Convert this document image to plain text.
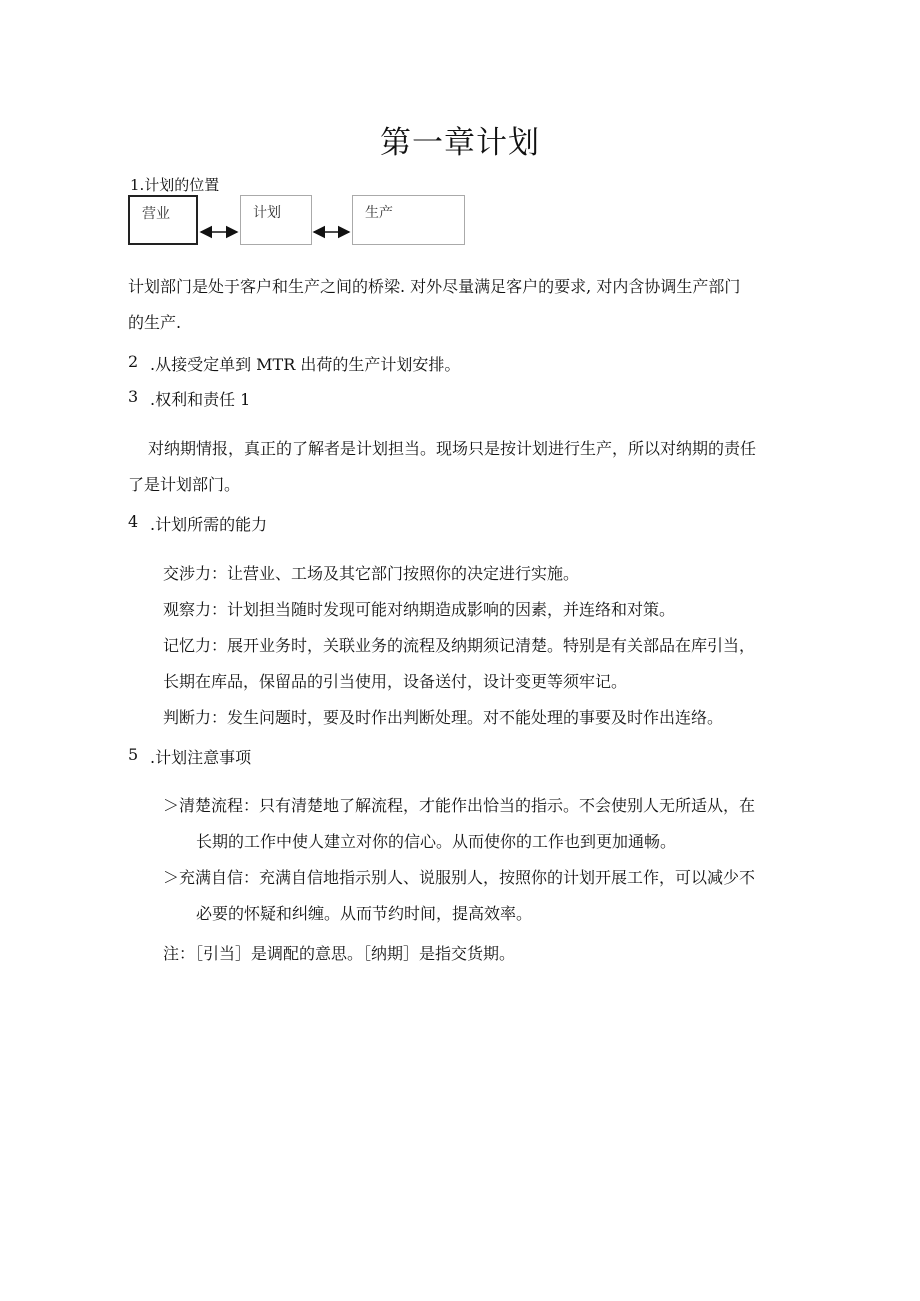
第一章计划
1.计划的位置
营业	计划	生产
计划部门是处于客户和生产之间的桥梁. 对外尽量满足客户的要求, 对内含协调生产部门
的生产.
2 .从接受定单到 MTR 出荷的生产计划安排。
3 .权利和责任 1
对纳期情报，真正的了解者是计划担当。现场只是按计划进行生产，所以对纳期的责任
了是计划部门。
4 .计划所需的能力
交涉力：让营业、工场及其它部门按照你的决定进行实施。
观察力：计划担当随时发现可能对纳期造成影响的因素，并连络和对策。
记忆力：展开业务时，关联业务的流程及纳期须记清楚。特别是有关部品在库引当，
长期在库品，保留品的引当使用，设备送付，设计变更等须牢记。
判断力：发生问题时，要及时作出判断处理。对不能处理的事要及时作出连络。
5 .计划注意事项
＞清楚流程：只有清楚地了解流程，才能作出恰当的指示。不会使别人无所适从，在
长期的工作中使人建立对你的信心。从而使你的工作也到更加通畅。
＞充满自信：充满自信地指示别人、说服别人，按照你的计划开展工作，可以减少不
必要的怀疑和纠缠。从而节约时间，提高效率。
注：［引当］是调配的意思。［纳期］是指交货期。
